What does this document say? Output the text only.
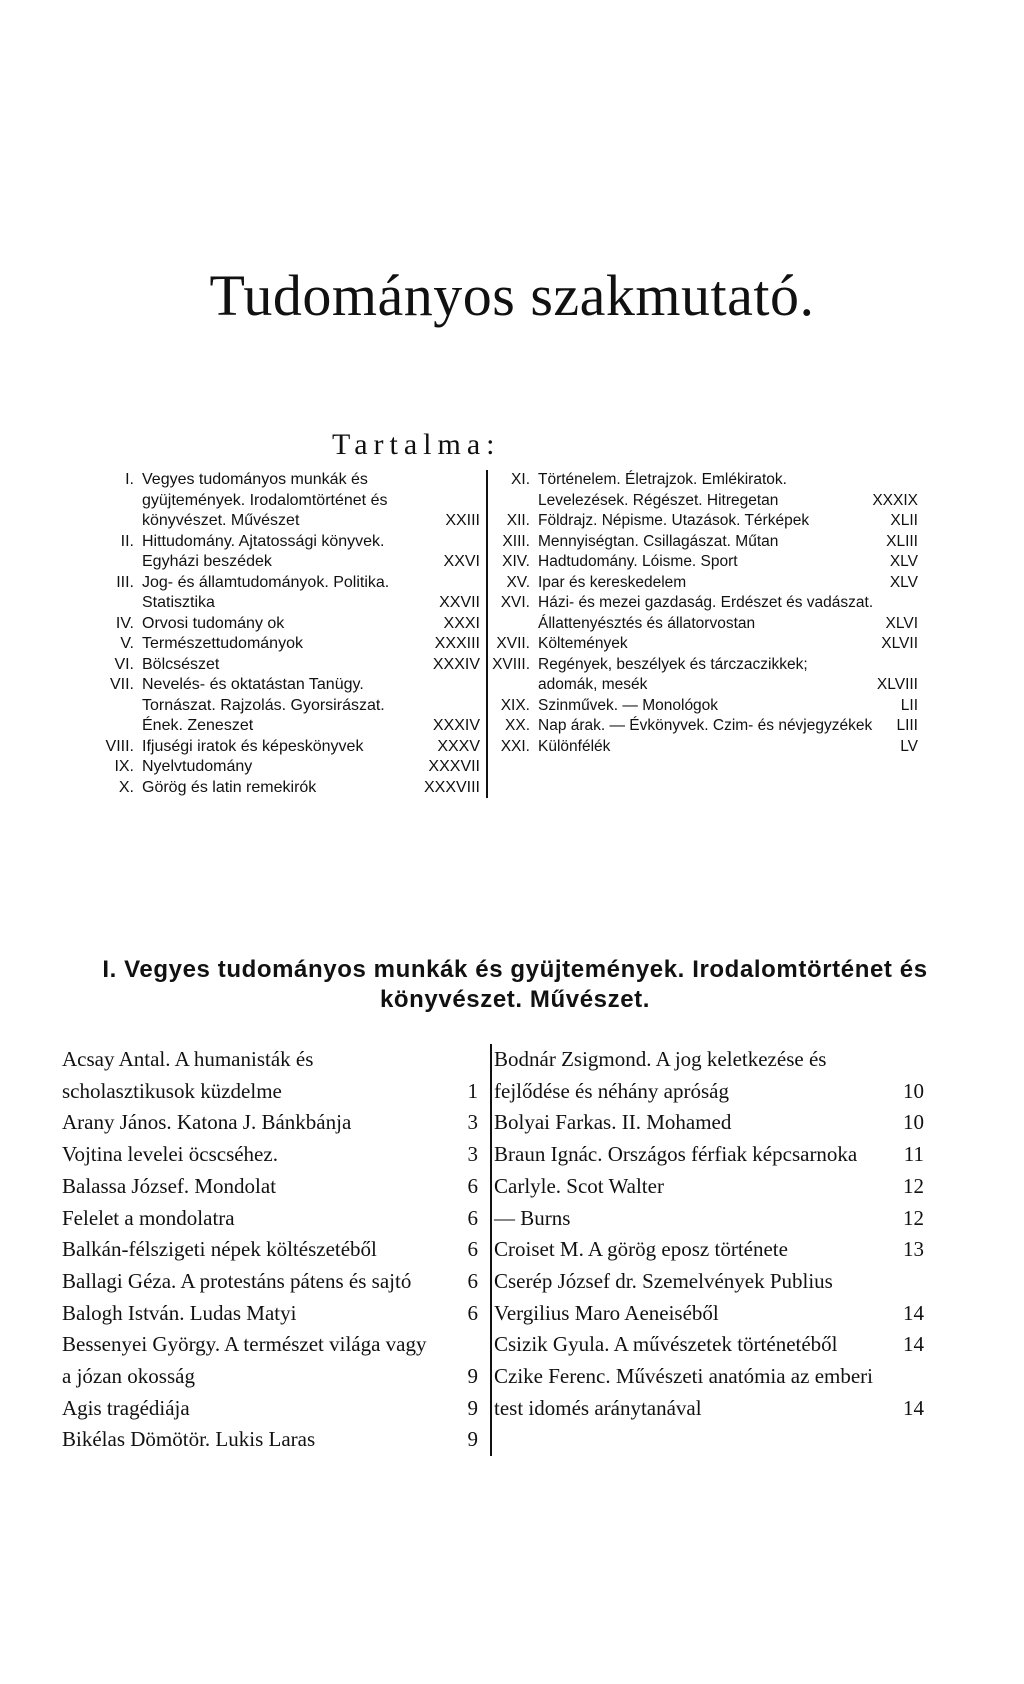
Tudományos szakmutató.
Tartalma:
I. Vegyes tudományos munkák és gyüjtemények. Irodalomtörténet és könyvészet. Művészet	XXIII
II. Hittudomány. Ajtatossági könyvek. Egyházi beszédek	XXVI
III. Jog- és államtudományok. Politika. Statisztika	XXVII
IV. Orvosi tudomány ok	XXXI
V. Természettudományok	XXXIII
VI. Bölcsészet	XXXIV
VII. Nevelés- és oktatástan Tanügy. Tornászat. Rajzolás. Gyorsirászat. Ének. Zeneszet	XXXIV
VIII. Ifjuségi iratok és képeskönyvek	XXXV
IX. Nyelvtudomány	XXXVII
X. Görög és latin remekirók	XXXVIII
XI. Történelem. Életrajzok. Emlékiratok. Levelezések. Régészet. Hitregetan	XXXIX
XII. Földrajz. Népisme. Utazások. Térképek	XLII
XIII. Mennyiségtan. Csillagászat. Műtan	XLIII
XIV. Hadtudomány. Lóisme. Sport	XLV
XV. Ipar és kereskedelem	XLV
XVI. Házi- és mezei gazdaság. Erdészet és vadászat. Állattenyésztés és állatorvostan	XLVI
XVII. Költemények	XLVII
XVIII. Regények, beszélyek és tárczaczikkek; adomák, mesék	XLVIII
XIX. Szinművek. — Monológok	LII
XX. Nap árak. — Évkönyvek. Czim- és névjegyzékek	LIII
XXI. Különfélék	LV
I. Vegyes tudományos munkák és gyüjtemények. Irodalomtörténet és könyvészet. Művészet.
Acsay Antal. A humanisták és scholasztikusok küzdelme	1
Arany János. Katona J. Bánkbánja	3
Vojtina levelei öcscséhez.	3
Balassa József. Mondolat	6
Felelet a mondolatra	6
Balkán-félszigeti népek költészetéből	6
Ballagi Géza. A protestáns pátens és sajtó	6
Balogh István. Ludas Matyi	6
Bessenyei György. A természet világa vagy a józan okosság	9
Agis tragédiája	9
Bikélas Dömötör. Lukis Laras	9
Bodnár Zsigmond. A jog keletkezése és fejlődése és néhány apróság	10
Bolyai Farkas. II. Mohamed	10
Braun Ignác. Országos férfiak képcsarnoka	11
Carlyle. Scot Walter	12
— Burns	12
Croiset M. A görög eposz története	13
Cserép József dr. Szemelvények Publius Vergilius Maro Aeneiséből	14
Csizik Gyula. A művészetek történetéből	14
Czike Ferenc. Művészeti anatómia az emberi test idomés aránytanával	14
